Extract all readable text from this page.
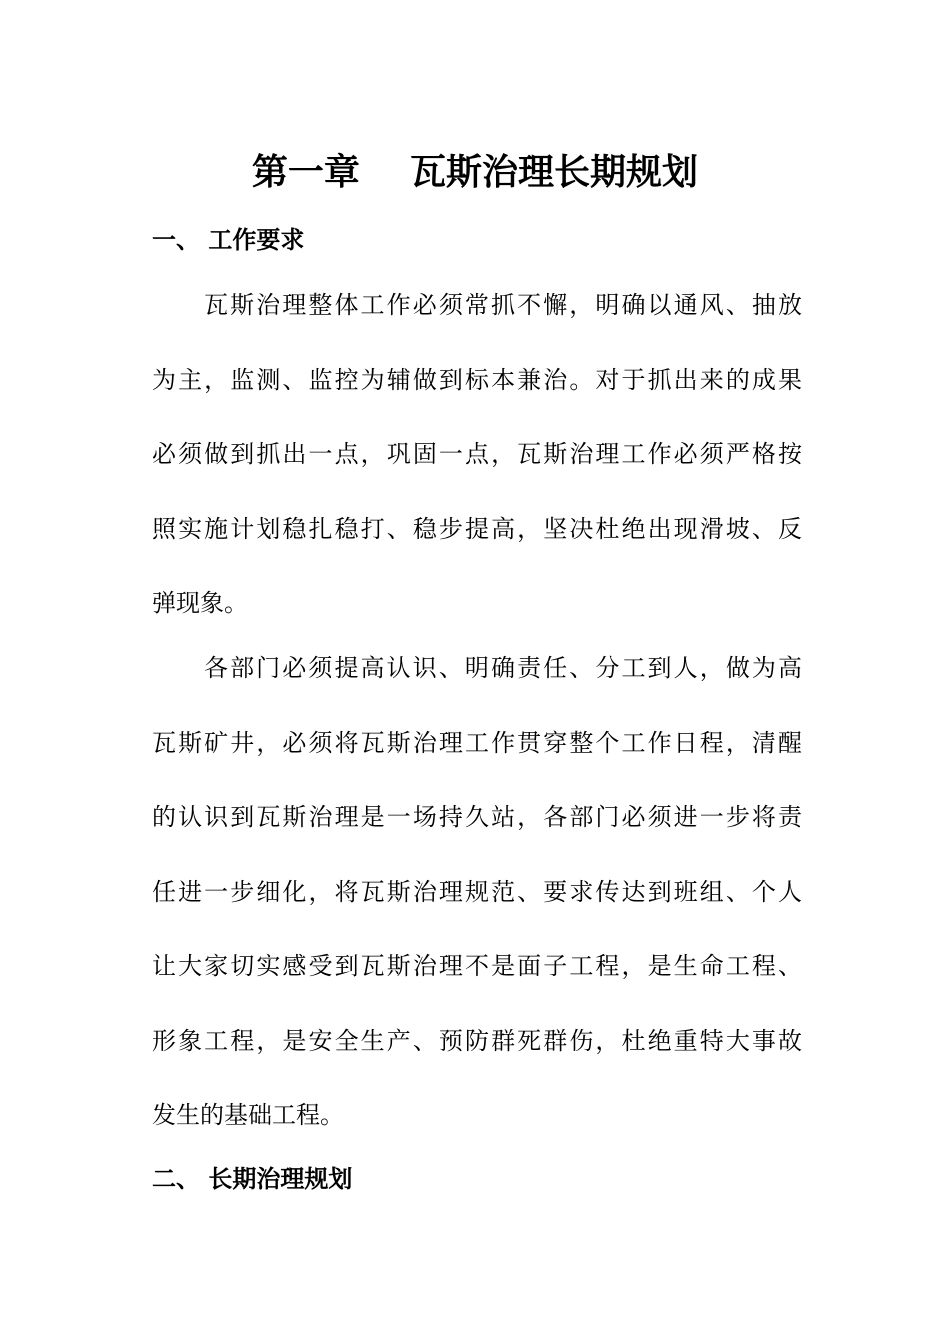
第一章    瓦斯治理长期规划
一、 工作要求
瓦斯治理整体工作必须常抓不懈，明确以通风、抽放
为主，监测、监控为辅做到标本兼治。对于抓出来的成果
必须做到抓出一点，巩固一点，瓦斯治理工作必须严格按
照实施计划稳扎稳打、稳步提高，坚决杜绝出现滑坡、反
弹现象。
各部门必须提高认识、明确责任、分工到人，做为高
瓦斯矿井，必须将瓦斯治理工作贯穿整个工作日程，清醒
的认识到瓦斯治理是一场持久站，各部门必须进一步将责
任进一步细化，将瓦斯治理规范、要求传达到班组、个人
让大家切实感受到瓦斯治理不是面子工程，是生命工程、
形象工程，是安全生产、预防群死群伤，杜绝重特大事故
发生的基础工程。
二、 长期治理规划
